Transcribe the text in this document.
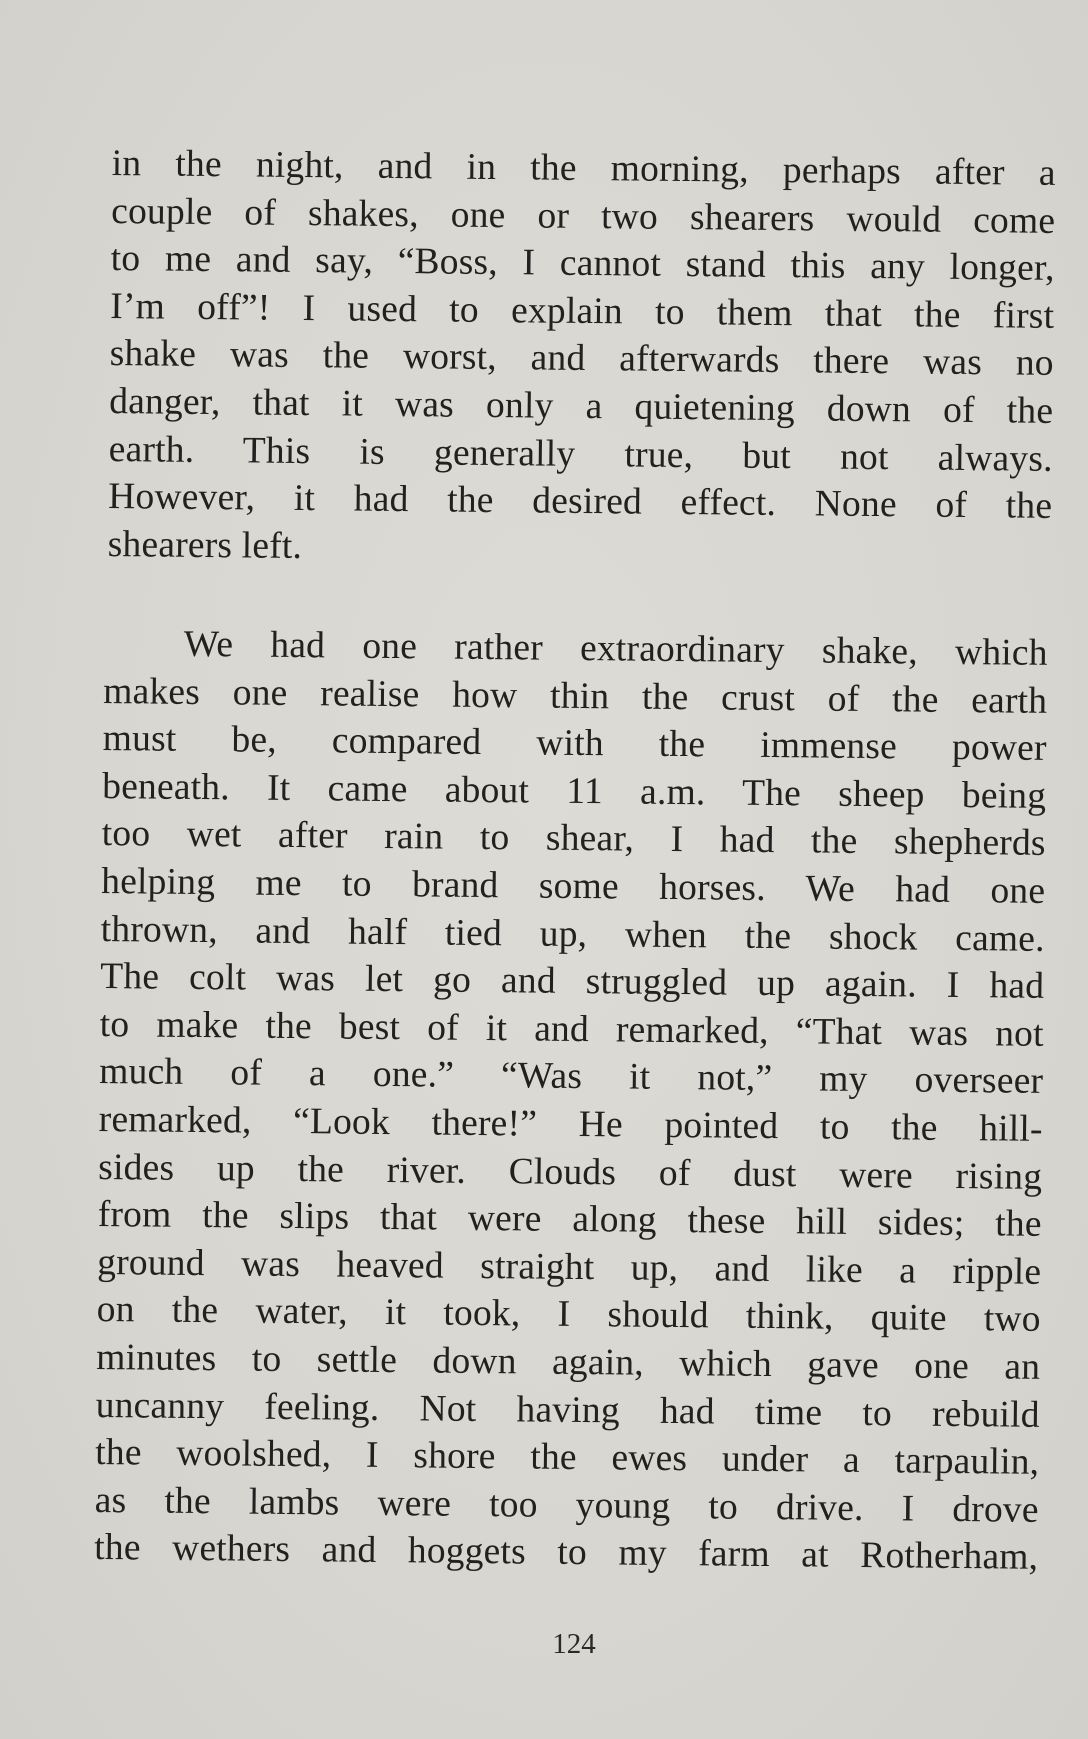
in the night, and in the morning, perhaps after a
couple of shakes, one or two shearers would come
to me and say, “Boss, I cannot stand this any longer,
I’m off”! I used to explain to them that the first
shake was the worst, and afterwards there was no
danger, that it was only a quietening down of the
earth. This is generally true, but not always.
However, it had the desired effect. None of the
shearers left.
We had one rather extraordinary shake, which
makes one realise how thin the crust of the earth
must be, compared with the immense power
beneath. It came about 11 a.m. The sheep being
too wet after rain to shear, I had the shepherds
helping me to brand some horses. We had one
thrown, and half tied up, when the shock came.
The colt was let go and struggled up again. I had
to make the best of it and remarked, “That was not
much of a one.” “Was it not,” my overseer
remarked, “Look there!” He pointed to the hill-
sides up the river. Clouds of dust were rising
from the slips that were along these hill sides; the
ground was heaved straight up, and like a ripple
on the water, it took, I should think, quite two
minutes to settle down again, which gave one an
uncanny feeling. Not having had time to rebuild
the woolshed, I shore the ewes under a tarpaulin,
as the lambs were too young to drive. I drove
the wethers and hoggets to my farm at Rotherham,
124
